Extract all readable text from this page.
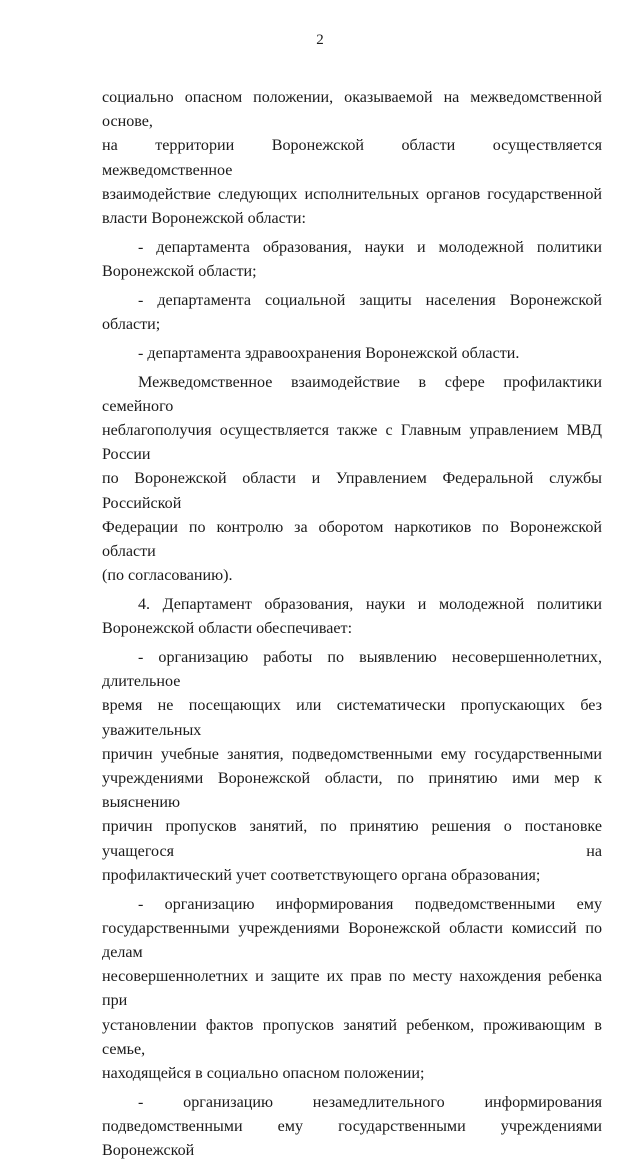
2
социально опасном положении, оказываемой на межведомственной основе,
на территории Воронежской области осуществляется межведомственное
взаимодействие следующих исполнительных органов государственной
власти Воронежской области:
- департамента образования, науки и молодежной политики
Воронежской области;
- департамента социальной защиты населения Воронежской области;
- департамента здравоохранения Воронежской области.
Межведомственное взаимодействие в сфере профилактики семейного
неблагополучия осуществляется также с Главным управлением МВД России
по Воронежской области и Управлением Федеральной службы Российской
Федерации по контролю за оборотом наркотиков по Воронежской области
(по согласованию).
4. Департамент образования, науки и молодежной политики
Воронежской области обеспечивает:
- организацию работы по выявлению несовершеннолетних, длительное
время не посещающих или систематически пропускающих без уважительных
причин учебные занятия, подведомственными ему государственными
учреждениями Воронежской области, по принятию ими мер к выяснению
причин пропусков занятий, по принятию решения о постановке учащегося на
профилактический учет соответствующего органа образования;
- организацию информирования подведомственными ему
государственными учреждениями Воронежской области комиссий по делам
несовершеннолетних и защите их прав по месту нахождения ребенка при
установлении фактов пропусков занятий ребенком, проживающим в семье,
находящейся в социально опасном положении;
- организацию незамедлительного информирования
подведомственными ему государственными учреждениями Воронежской
